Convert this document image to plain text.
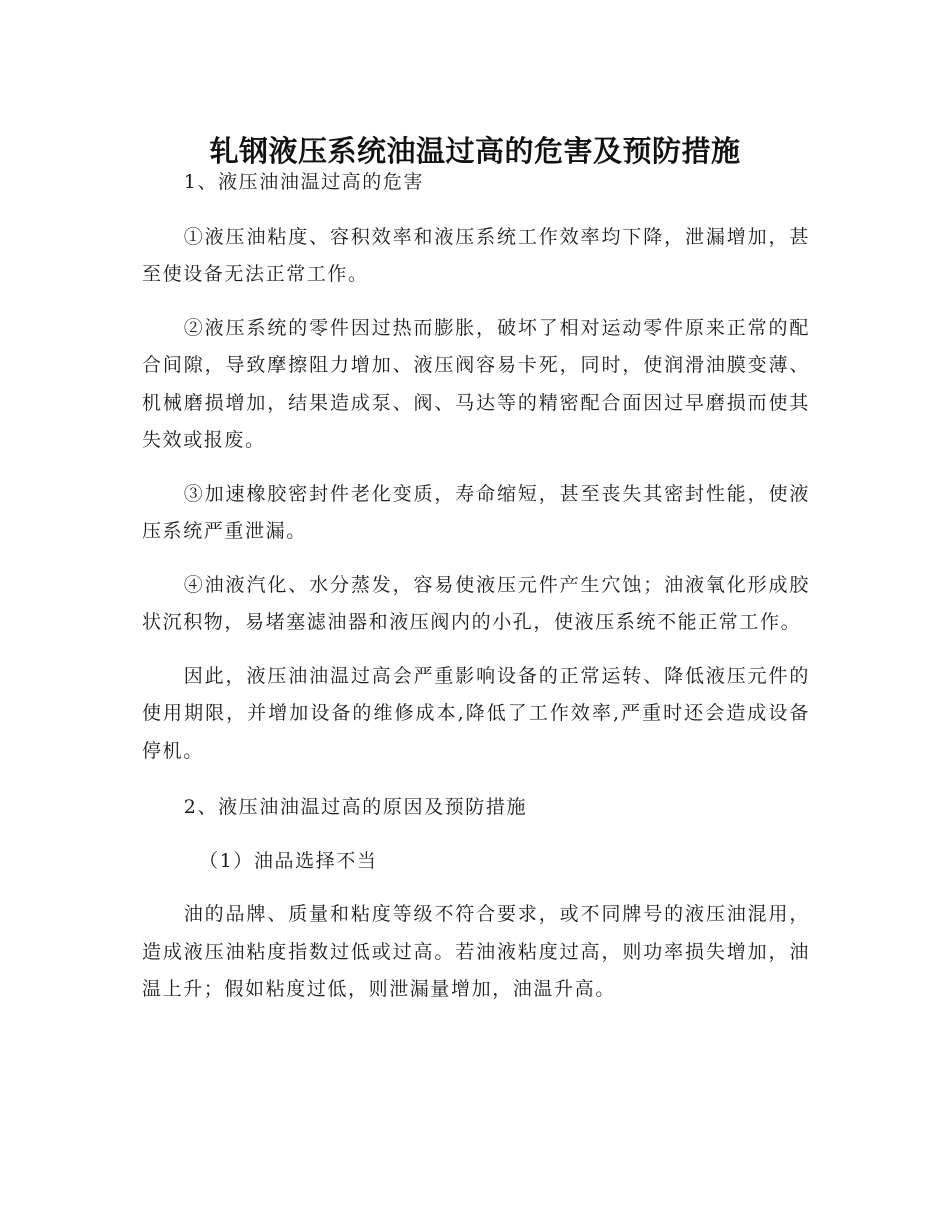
轧钢液压系统油温过高的危害及预防措施

1、液压油油温过高的危害

①液压油粘度、容积效率和液压系统工作效率均下降，泄漏增加，甚至使设备无法正常工作。

②液压系统的零件因过热而膨胀，破坏了相对运动零件原来正常的配合间隙，导致摩擦阻力增加、液压阀容易卡死，同时，使润滑油膜变薄、机械磨损增加，结果造成泵、阀、马达等的精密配合面因过早磨损而使其失效或报废。

③加速橡胶密封件老化变质，寿命缩短，甚至丧失其密封性能，使液压系统严重泄漏。

④油液汽化、水分蒸发，容易使液压元件产生穴蚀；油液氧化形成胶状沉积物，易堵塞滤油器和液压阀内的小孔，使液压系统不能正常工作。

因此，液压油油温过高会严重影响设备的正常运转、降低液压元件的使用期限，并增加设备的维修成本,降低了工作效率,严重时还会造成设备停机。

2、液压油油温过高的原因及预防措施

（1）油品选择不当

油的品牌、质量和粘度等级不符合要求，或不同牌号的液压油混用，造成液压油粘度指数过低或过高。若油液粘度过高，则功率损失增加，油温上升；假如粘度过低，则泄漏量增加，油温升高。
